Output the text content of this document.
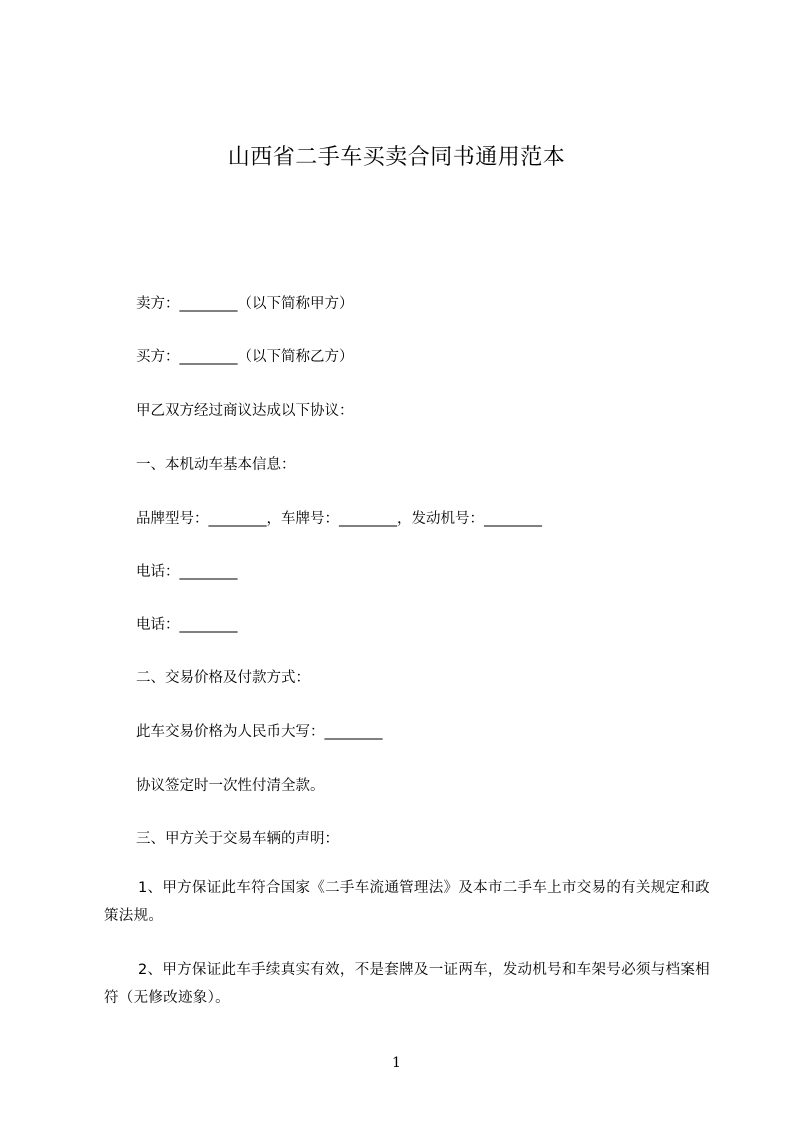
山西省二手车买卖合同书通用范本
卖方：________（以下简称甲方）
买方：________（以下简称乙方）
甲乙双方经过商议达成以下协议：
一、本机动车基本信息：
品牌型号：________，车牌号：________，发动机号：________
电话：________
电话：________
二、交易价格及付款方式：
此车交易价格为人民币大写：________
协议签定时一次性付清全款。
三、甲方关于交易车辆的声明：
1、甲方保证此车符合国家《二手车流通管理法》及本市二手车上市交易的有关规定和政策法规。
2、甲方保证此车手续真实有效，不是套牌及一证两车，发动机号和车架号必须与档案相符（无修改迹象）。
1
